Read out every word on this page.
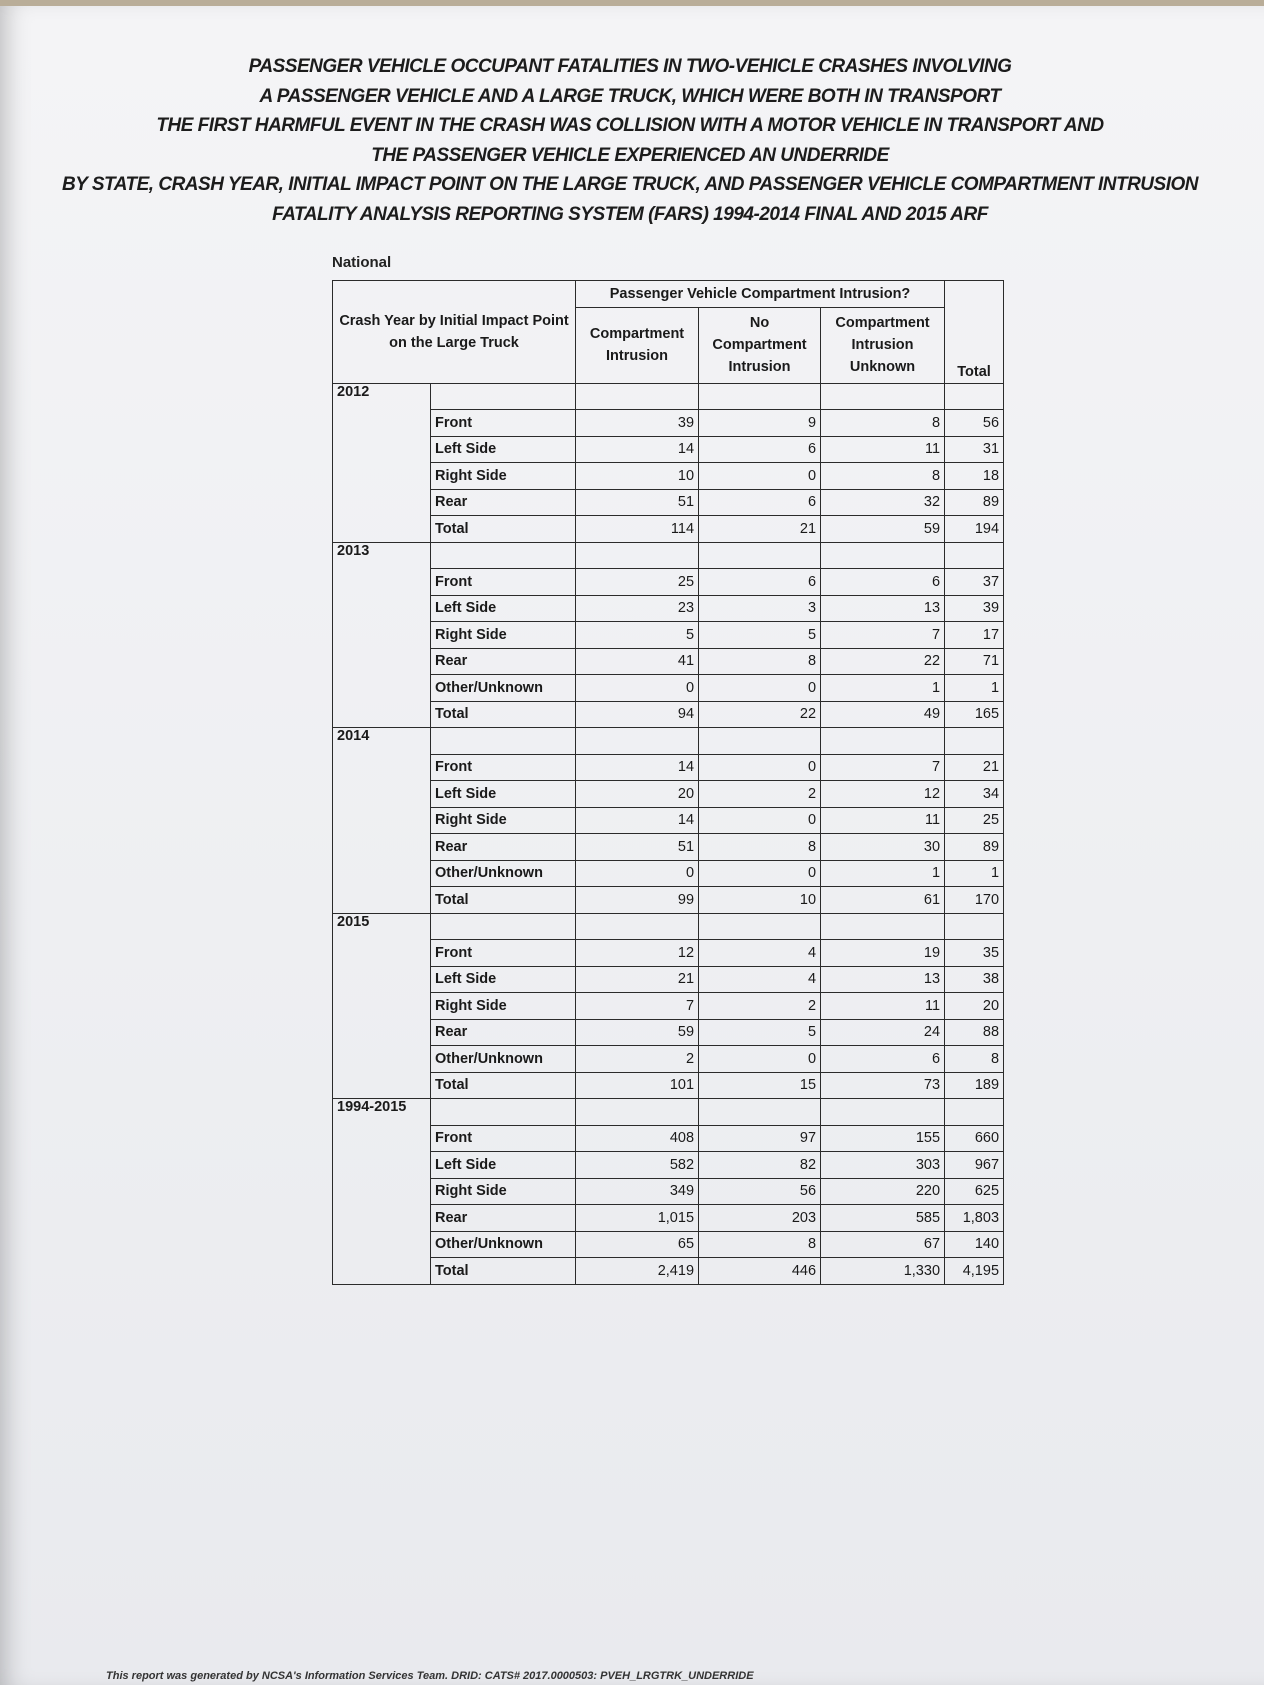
PASSENGER VEHICLE OCCUPANT FATALITIES IN TWO-VEHICLE CRASHES INVOLVING
A PASSENGER VEHICLE AND A LARGE TRUCK, WHICH WERE BOTH IN TRANSPORT
THE FIRST HARMFUL EVENT IN THE CRASH WAS COLLISION WITH A MOTOR VEHICLE IN TRANSPORT AND
THE PASSENGER VEHICLE EXPERIENCED AN UNDERRIDE
BY STATE, CRASH YEAR, INITIAL IMPACT POINT ON THE LARGE TRUCK, AND PASSENGER VEHICLE COMPARTMENT INTRUSION
FATALITY ANALYSIS REPORTING SYSTEM (FARS) 1994-2014 FINAL AND 2015 ARF
National
Crash Year by Initial Impact Point on the Large Truck		Passenger Vehicle Compartment Intrusion?			Total
		Compartment Intrusion	No Compartment Intrusion	Compartment Intrusion Unknown	
2012					
	Front	39	9	8	56
	Left Side	14	6	11	31
	Right Side	10	0	8	18
	Rear	51	6	32	89
	Total	114	21	59	194
2013					
	Front	25	6	6	37
	Left Side	23	3	13	39
	Right Side	5	5	7	17
	Rear	41	8	22	71
	Other/Unknown	0	0	1	1
	Total	94	22	49	165
2014					
	Front	14	0	7	21
	Left Side	20	2	12	34
	Right Side	14	0	11	25
	Rear	51	8	30	89
	Other/Unknown	0	0	1	1
	Total	99	10	61	170
2015					
	Front	12	4	19	35
	Left Side	21	4	13	38
	Right Side	7	2	11	20
	Rear	59	5	24	88
	Other/Unknown	2	0	6	8
	Total	101	15	73	189
1994-2015					
	Front	408	97	155	660
	Left Side	582	82	303	967
	Right Side	349	56	220	625
	Rear	1,015	203	585	1,803
	Other/Unknown	65	8	67	140
	Total	2,419	446	1,330	4,195
This report was generated by NCSA's Information Services Team. DRID: CATS# 2017.0000503: PVEH_LRGTRK_UNDERRIDE
